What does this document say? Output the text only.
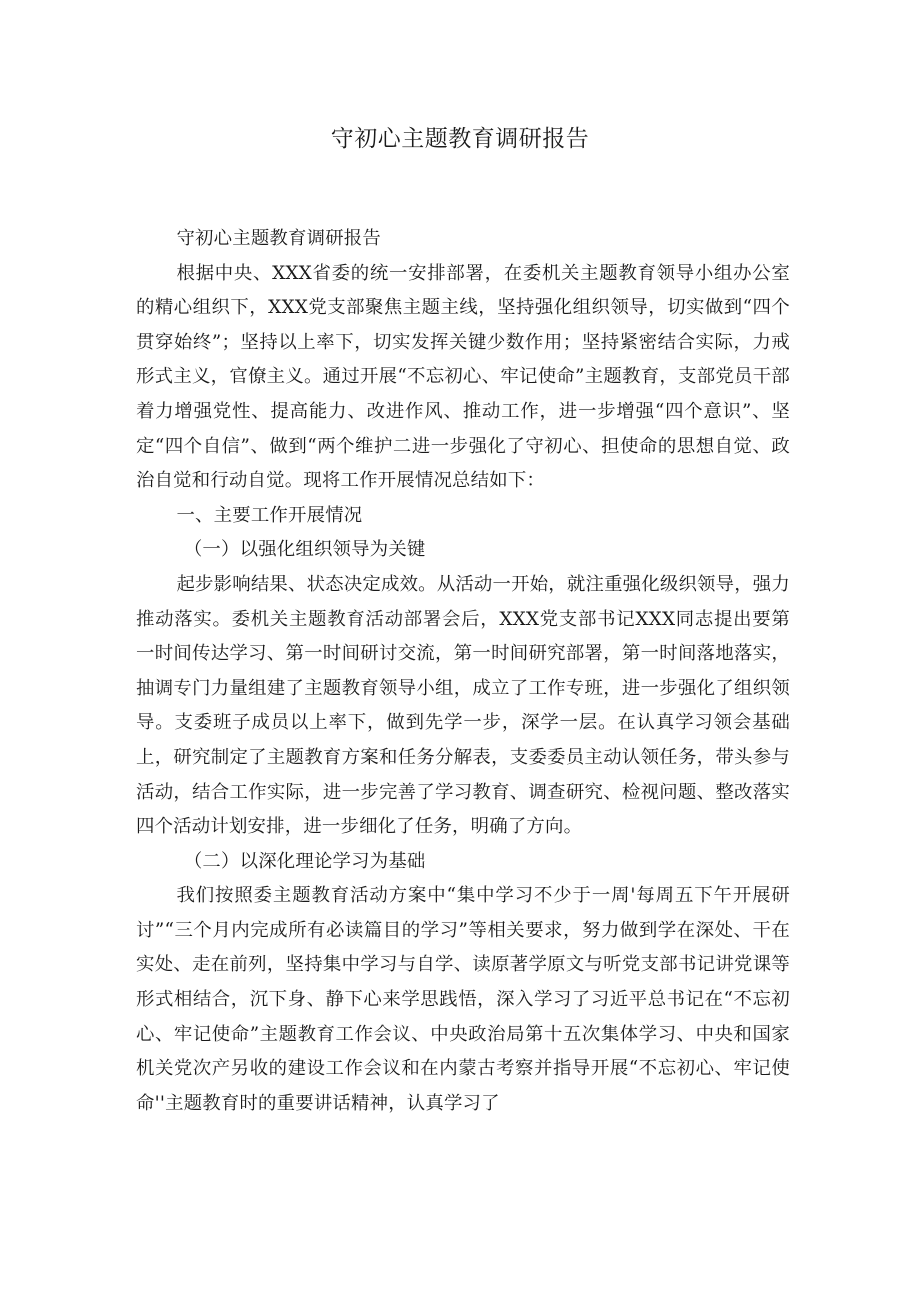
守初心主题教育调研报告

守初心主题教育调研报告

根据中央、XXX省委的统一安排部署，在委机关主题教育领导小组办公室的精心组织下，XXX党支部聚焦主题主线，坚持强化组织领导，切实做到“四个贯穿始终”；坚持以上率下，切实发挥关键少数作用；坚持紧密结合实际，力戒形式主义，官僚主义。通过开展“不忘初心、牢记使命”主题教育，支部党员干部着力增强党性、提高能力、改进作风、推动工作，进一步增强“四个意识”、坚定“四个自信”、做到“两个维护二进一步强化了守初心、担使命的思想自觉、政治自觉和行动自觉。现将工作开展情况总结如下：

一、主要工作开展情况

（一）以强化组织领导为关键

起步影响结果、状态决定成效。从活动一开始，就注重强化级织领导，强力推动落实。委机关主题教育活动部署会后，XXX党支部书记XXX同志提出要第一时间传达学习、第一时间研讨交流，第一时间研究部署，第一时间落地落实，抽调专门力量组建了主题教育领导小组，成立了工作专班，进一步强化了组织领导。支委班子成员以上率下，做到先学一步，深学一层。在认真学习领会基础上，研究制定了主题教育方案和任务分解表，支委委员主动认领任务，带头参与活动，结合工作实际，进一步完善了学习教育、调查研究、检视问题、整改落实四个活动计划安排，进一步细化了任务，明确了方向。

（二）以深化理论学习为基础

我们按照委主题教育活动方案中“集中学习不少于一周'每周五下午开展研讨”“三个月内完成所有必读篇目的学习”等相关要求，努力做到学在深处、干在实处、走在前列，坚持集中学习与自学、读原著学原文与听党支部书记讲党课等形式相结合，沉下身、静下心来学思践悟，深入学习了习近平总书记在“不忘初心、牢记使命”主题教育工作会议、中央政治局第十五次集体学习、中央和国家机关党次产另收的建设工作会议和在内蒙古考察并指导开展“不忘初心、牢记使命''主题教育时的重要讲话精神，认真学习了
